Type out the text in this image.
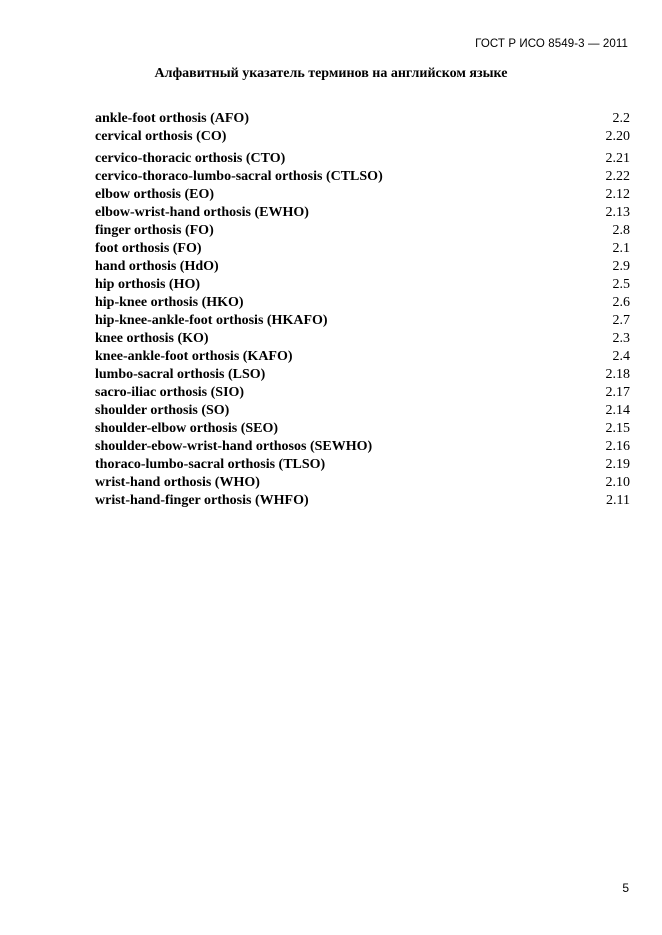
ГОСТ Р ИСО 8549-3 — 2011
Алфавитный указатель терминов на английском языке
ankle-foot orthosis (AFO)	2.2
cervical orthosis (CO)	2.20
cervico-thoracic orthosis (CTO)	2.21
cervico-thoraco-lumbo-sacral orthosis (CTLSO)	2.22
elbow orthosis (EO)	2.12
elbow-wrist-hand orthosis (EWHO)	2.13
finger orthosis (FO)	2.8
foot orthosis (FO)	2.1
hand orthosis (HdO)	2.9
hip orthosis (HO)	2.5
hip-knee orthosis (HKO)	2.6
hip-knee-ankle-foot orthosis (HKAFO)	2.7
knee orthosis (KO)	2.3
knee-ankle-foot orthosis (KAFO)	2.4
lumbo-sacral orthosis (LSO)	2.18
sacro-iliac orthosis (SIO)	2.17
shoulder orthosis (SO)	2.14
shoulder-elbow orthosis (SEO)	2.15
shoulder-ebow-wrist-hand orthosos (SEWHO)	2.16
thoraco-lumbo-sacral orthosis (TLSO)	2.19
wrist-hand orthosis (WHO)	2.10
wrist-hand-finger orthosis (WHFO)	2.11
5
